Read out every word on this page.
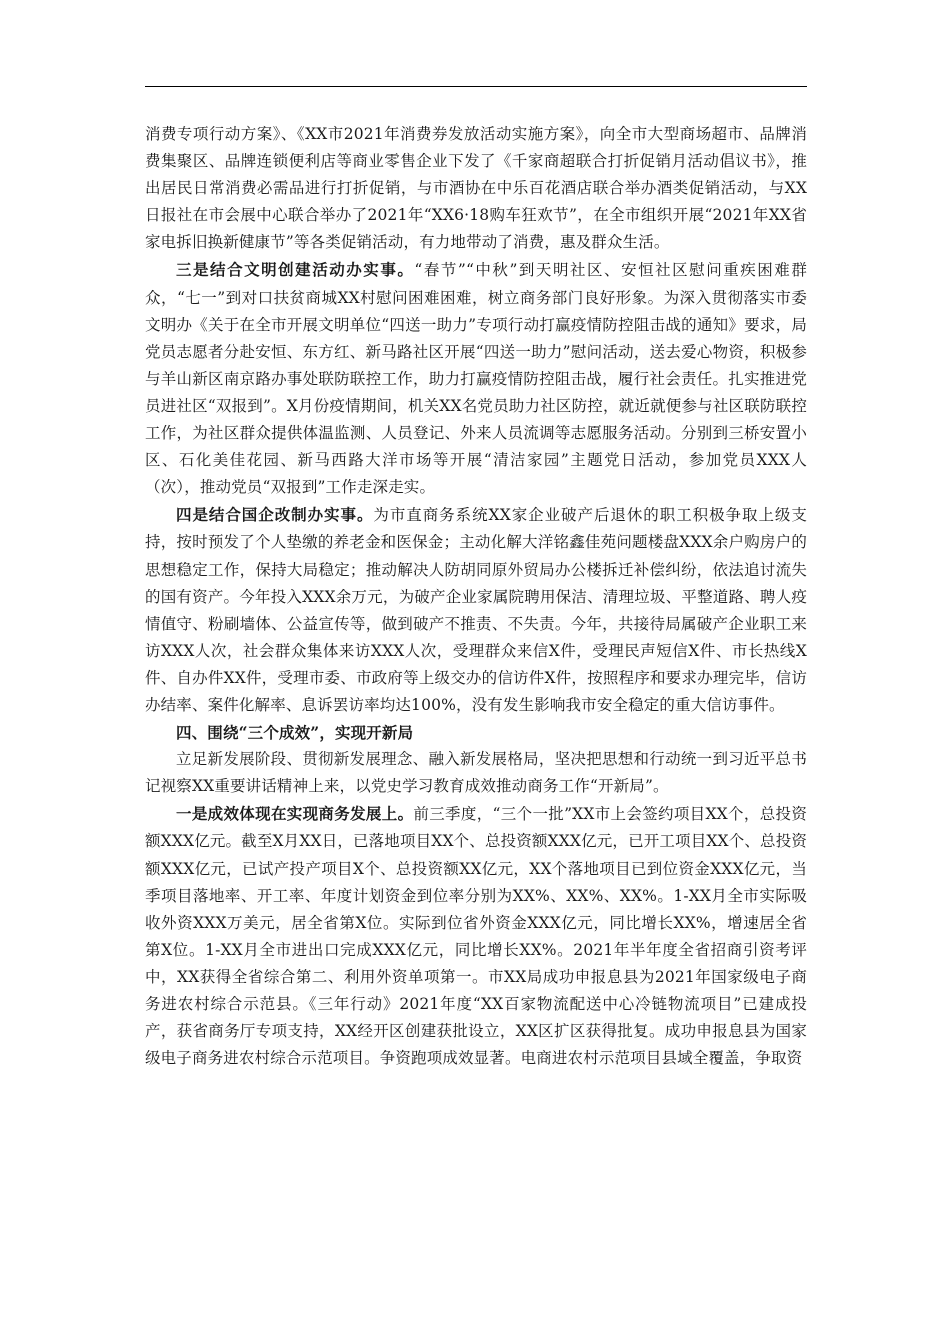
消费专项行动方案》、《XX市2021年消费券发放活动实施方案》，向全市大型商场超市、品牌消费集聚区、品牌连锁便利店等商业零售企业下发了《千家商超联合打折促销月活动倡议书》，推出居民日常消费必需品进行打折促销，与市酒协在中乐百花酒店联合举办酒类促销活动，与XX日报社在市会展中心联合举办了2021年“XX6·18购车狂欢节”，在全市组织开展“2021年XX省家电拆旧换新健康节”等各类促销活动，有力地带动了消费，惠及群众生活。

三是结合文明创建活动办实事。“春节”“中秋”到天明社区、安恒社区慰问重疾困难群众，“七一”到对口扶贫商城XX村慰问困难困难，树立商务部门良好形象。为深入贯彻落实市委文明办《关于在全市开展文明单位“四送一助力”专项行动打赢疫情防控阻击战的通知》要求，局党员志愿者分赴安恒、东方红、新马路社区开展“四送一助力”慰问活动，送去爱心物资，积极参与羊山新区南京路办事处联防联控工作，助力打赢疫情防控阻击战，履行社会责任。扎实推进党员进社区“双报到”。X月份疫情期间，机关XX名党员助力社区防控，就近就便参与社区联防联控工作，为社区群众提供体温监测、人员登记、外来人员流调等志愿服务活动。分别到三桥安置小区、石化美佳花园、新马西路大洋市场等开展“清洁家园”主题党日活动，参加党员XXX人（次），推动党员“双报到”工作走深走实。

四是结合国企改制办实事。为市直商务系统XX家企业破产后退休的职工积极争取上级支持，按时预发了个人垫缴的养老金和医保金；主动化解大洋铭鑫佳苑问题楼盘XXX余户购房户的思想稳定工作，保持大局稳定；推动解决人防胡同原外贸局办公楼拆迁补偿纠纷，依法追讨流失的国有资产。今年投入XXX余万元，为破产企业家属院聘用保洁、清理垃圾、平整道路、聘人疫情值守、粉刷墙体、公益宣传等，做到破产不推责、不失责。今年，共接待局属破产企业职工来访XXX人次，社会群众集体来访XXX人次，受理群众来信X件，受理民声短信X件、市长热线X件、自办件XX件，受理市委、市政府等上级交办的信访件X件，按照程序和要求办理完毕，信访办结率、案件化解率、息诉罢访率均达100%，没有发生影响我市安全稳定的重大信访事件。

四、围绕“三个成效”，实现开新局

立足新发展阶段、贯彻新发展理念、融入新发展格局，坚决把思想和行动统一到习近平总书记视察XX重要讲话精神上来，以党史学习教育成效推动商务工作“开新局”。

一是成效体现在实现商务发展上。前三季度，“三个一批”XX市上会签约项目XX个，总投资额XXX亿元。截至X月XX日，已落地项目XX个、总投资额XXX亿元，已开工项目XX个、总投资额XXX亿元，已试产投产项目X个、总投资额XX亿元，XX个落地项目已到位资金XXX亿元，当季项目落地率、开工率、年度计划资金到位率分别为XX%、XX%、XX%。1-XX月全市实际吸收外资XXX万美元，居全省第X位。实际到位省外资金XXX亿元，同比增长XX%，增速居全省第X位。1-XX月全市进出口完成XXX亿元，同比增长XX%。2021年半年度全省招商引资考评中，XX获得全省综合第二、利用外资单项第一。市XX局成功申报息县为2021年国家级电子商务进农村综合示范县。《三年行动》2021年度“XX百家物流配送中心冷链物流项目”已建成投产，获省商务厅专项支持，XX经开区创建获批设立，XX区扩区获得批复。成功申报息县为国家级电子商务进农村综合示范项目。争资跑项成效显著。电商进农村示范项目县域全覆盖，争取资
